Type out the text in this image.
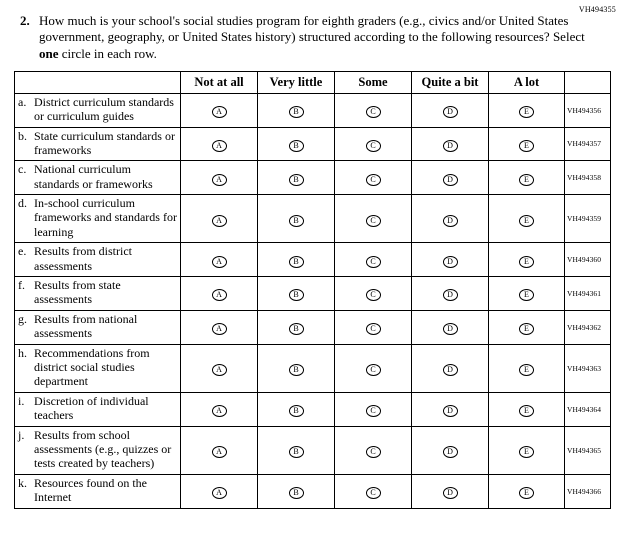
VH494355
2. How much is your school's social studies program for eighth graders (e.g., civics and/or United States government, geography, or United States history) structured according to the following resources? Select one circle in each row.
	Not at all	Very little	Some	Quite a bit	A lot	

a. District curriculum standards or curriculum guides	A	B	C	D	E	VH494356

b. State curriculum standards or frameworks	A	B	C	D	E	VH494357

c. National curriculum standards or frameworks	A	B	C	D	E	VH494358

d. In-school curriculum frameworks and standards for learning	A	B	C	D	E	VH494359

e. Results from district assessments	A	B	C	D	E	VH494360

f. Results from state assessments	A	B	C	D	E	VH494361

g. Results from national assessments	A	B	C	D	E	VH494362

h. Recommendations from district social studies department	A	B	C	D	E	VH494363

i. Discretion of individual teachers	A	B	C	D	E	VH494364

j. Results from school assessments (e.g., quizzes or tests created by teachers)	A	B	C	D	E	VH494365

k. Resources found on the Internet	A	B	C	D	E	VH494366
